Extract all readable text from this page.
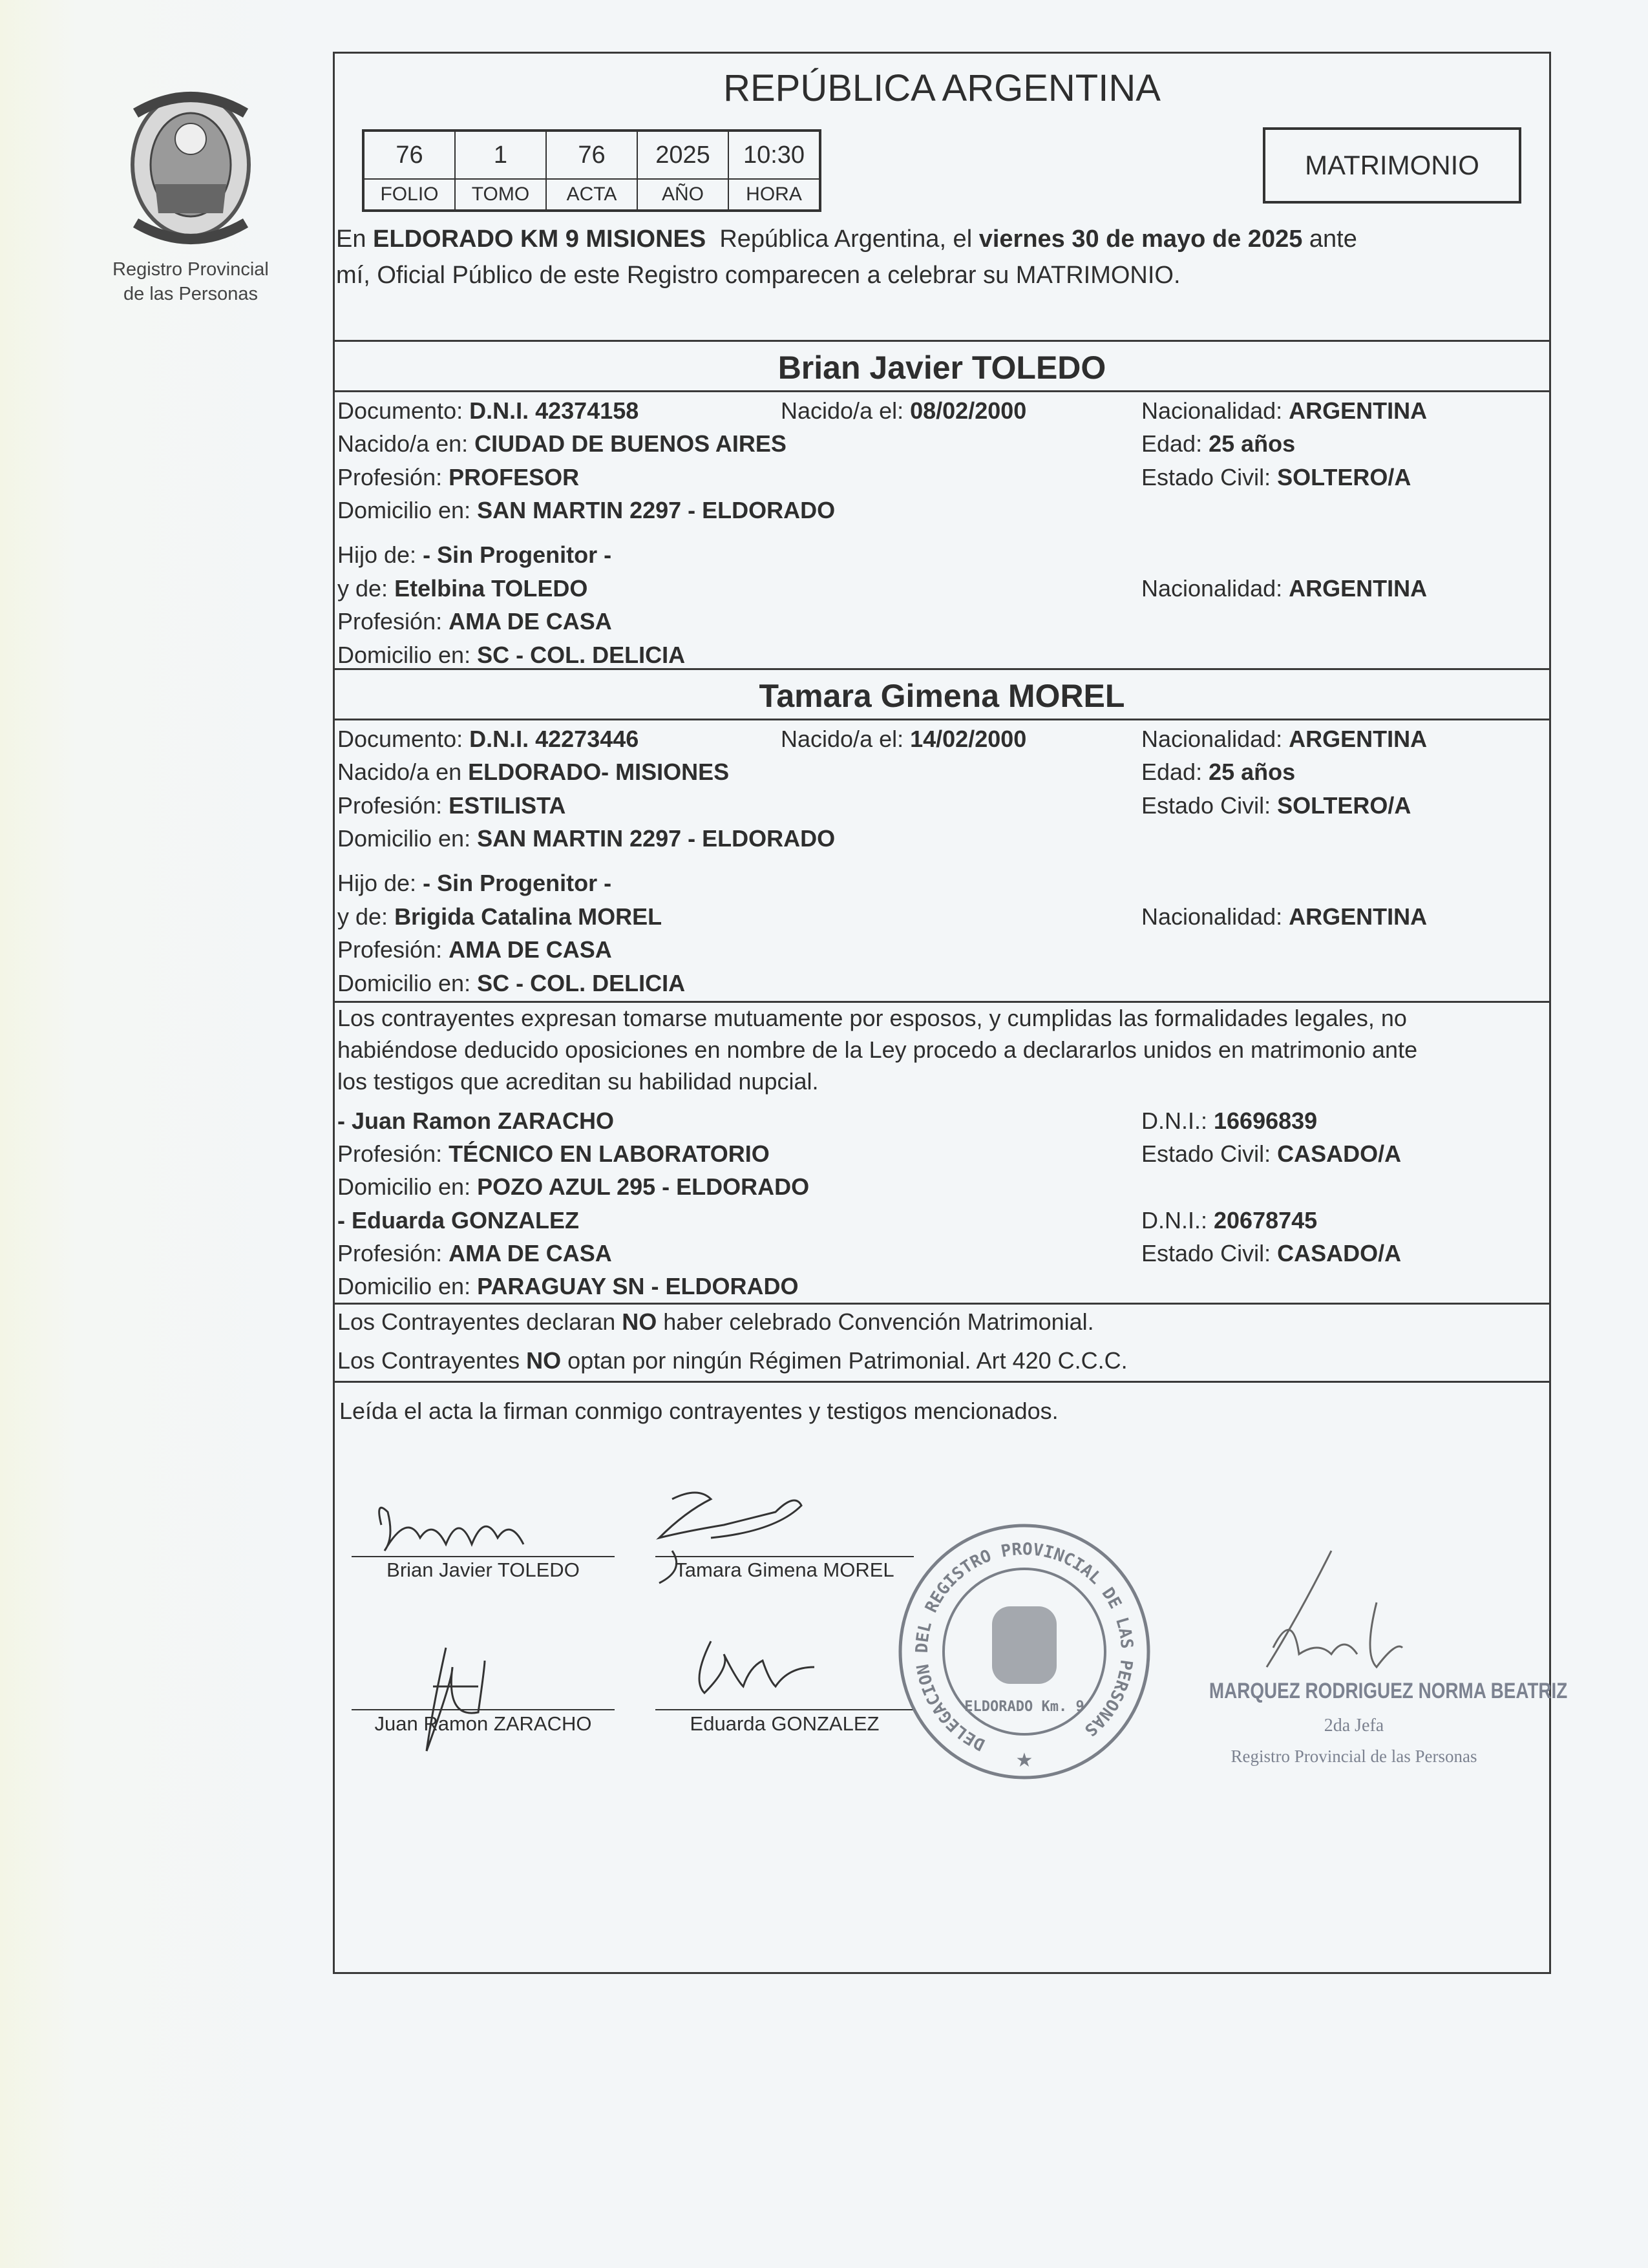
Registro Provincial
de las Personas
REPÚBLICA ARGENTINA
76	1	76	2025	10:30
FOLIO	TOMO	ACTA	AÑO	HORA
MATRIMONIO
En ELDORADO KM 9 MISIONES  República Argentina, el viernes 30 de mayo de 2025 ante
mí, Oficial Público de este Registro comparecen a celebrar su MATRIMONIO.
Brian Javier TOLEDO
Documento: D.N.I. 42374158	Nacido/a el: 08/02/2000	Nacionalidad: ARGENTINA
Nacido/a en: CIUDAD DE BUENOS AIRES	Edad: 25 años
Profesión: PROFESOR	Estado Civil: SOLTERO/A
Domicilio en: SAN MARTIN 2297 - ELDORADO
Hijo de: - Sin Progenitor -
y de: Etelbina TOLEDO	Nacionalidad: ARGENTINA
Profesión: AMA DE CASA
Domicilio en: SC - COL. DELICIA
Tamara Gimena MOREL
Documento: D.N.I. 42273446	Nacido/a el: 14/02/2000	Nacionalidad: ARGENTINA
Nacido/a en ELDORADO- MISIONES	Edad: 25 años
Profesión: ESTILISTA	Estado Civil: SOLTERO/A
Domicilio en: SAN MARTIN 2297 - ELDORADO
Hijo de: - Sin Progenitor -
y de: Brigida Catalina MOREL	Nacionalidad: ARGENTINA
Profesión: AMA DE CASA
Domicilio en: SC - COL. DELICIA
Los contrayentes expresan tomarse mutuamente por esposos, y cumplidas las formalidades legales, no
habiéndose deducido oposiciones en nombre de la Ley procedo a declararlos unidos en matrimonio ante
los testigos que acreditan su habilidad nupcial.
- Juan Ramon ZARACHO	D.N.I.: 16696839
Profesión: TÉCNICO EN LABORATORIO	Estado Civil: CASADO/A
Domicilio en: POZO AZUL 295 - ELDORADO
- Eduarda GONZALEZ	D.N.I.: 20678745
Profesión: AMA DE CASA	Estado Civil: CASADO/A
Domicilio en: PARAGUAY SN - ELDORADO
Los Contrayentes declaran NO haber celebrado Convención Matrimonial.
Los Contrayentes NO optan por ningún Régimen Patrimonial. Art 420 C.C.C.
Leída el acta la firman conmigo contrayentes y testigos mencionados.
Brian Javier TOLEDO	Tamara Gimena MOREL
Juan Ramon ZARACHO	Eduarda GONZALEZ
DELEGACION DEL REGISTRO PROVINCIAL DE LAS PERSONAS
ELDORADO Km. 9
★
MARQUEZ RODRIGUEZ NORMA BEATRIZ
2da Jefa
Registro Provincial de las Personas
